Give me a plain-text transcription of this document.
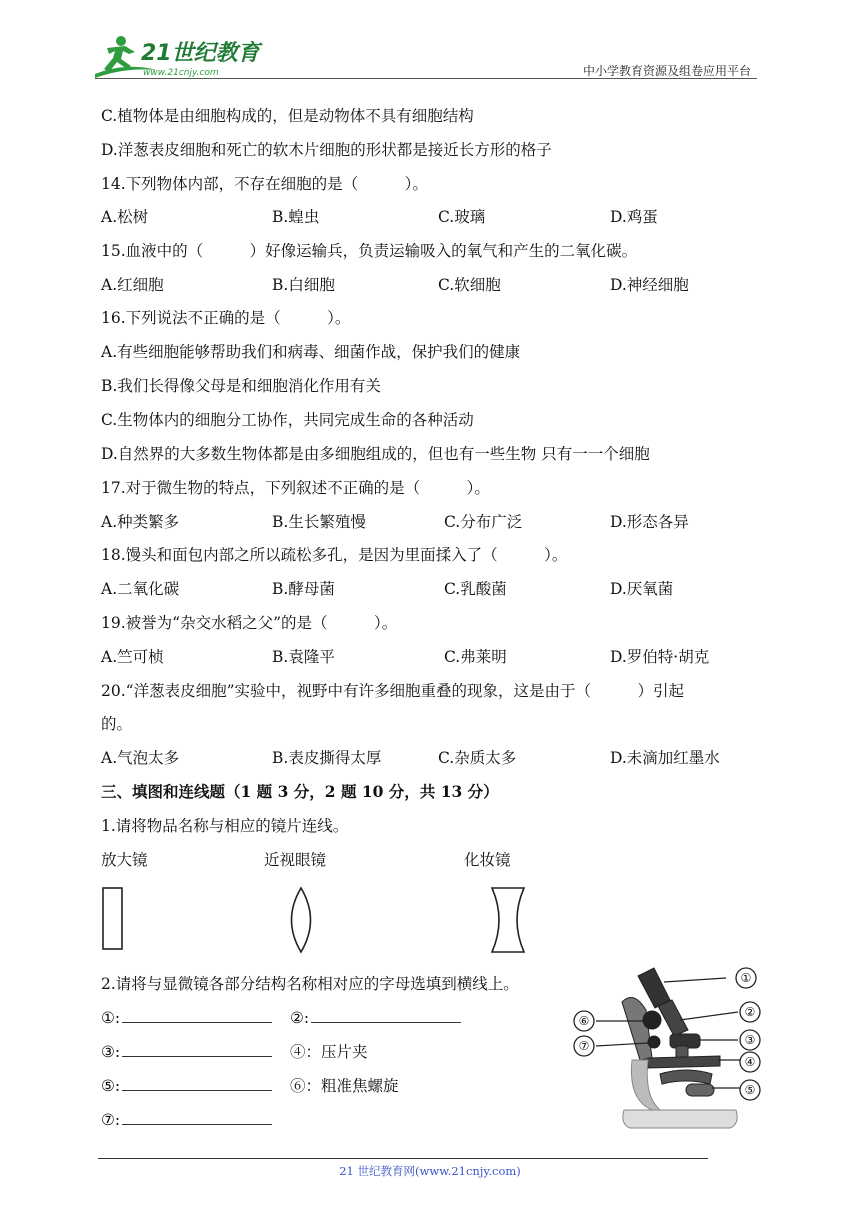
21世纪教育
www.21cnjy.com	中小学教育资源及组卷应用平台
C.植物体是由细胞构成的，但是动物体不具有细胞结构
D.洋葱表皮细胞和死亡的软木片细胞的形状都是接近长方形的格子
14.下列物体内部，不存在细胞的是（　　　）。
A.松树	B.蝗虫	C.玻璃	D.鸡蛋
15.血液中的（　　　）好像运输兵，负责运输吸入的氧气和产生的二氧化碳。
A.红细胞	B.白细胞	C.软细胞	D.神经细胞
16.下列说法不正确的是（　　　）。
A.有些细胞能够帮助我们和病毒、细菌作战，保护我们的健康
B.我们长得像父母是和细胞消化作用有关
C.生物体内的细胞分工协作，共同完成生命的各种活动
D.自然界的大多数生物体都是由多细胞组成的，但也有一些生物 只有一一个细胞
17.对于微生物的特点，下列叙述不正确的是（　　　）。
A.种类繁多	B.生长繁殖慢	C.分布广泛	D.形态各异
18.馒头和面包内部之所以疏松多孔，是因为里面揉入了（　　　）。
A.二氧化碳	B.酵母菌	C.乳酸菌	D.厌氧菌
19.被誉为“杂交水稻之父”的是（　　　）。
A.竺可桢	B.袁隆平	C.弗莱明	D.罗伯特·胡克
20.“洋葱表皮细胞”实验中，视野中有许多细胞重叠的现象，这是由于（　　　）引起
的。
A.气泡太多	B.表皮撕得太厚	C.杂质太多	D.未滴加红墨水
三、填图和连线题（1 题 3 分，2 题 10 分，共 13 分）
1.请将物品名称与相应的镜片连线。
放大镜	近视眼镜	化妆镜
2.请将与显微镜各部分结构名称相对应的字母选填到横线上。
①:	②:
③:	④：压片夹
⑤:	⑥：粗准焦螺旋
⑦:
①
②
③
④
⑤
⑥
⑦
21 世纪教育网(www.21cnjy.com)
